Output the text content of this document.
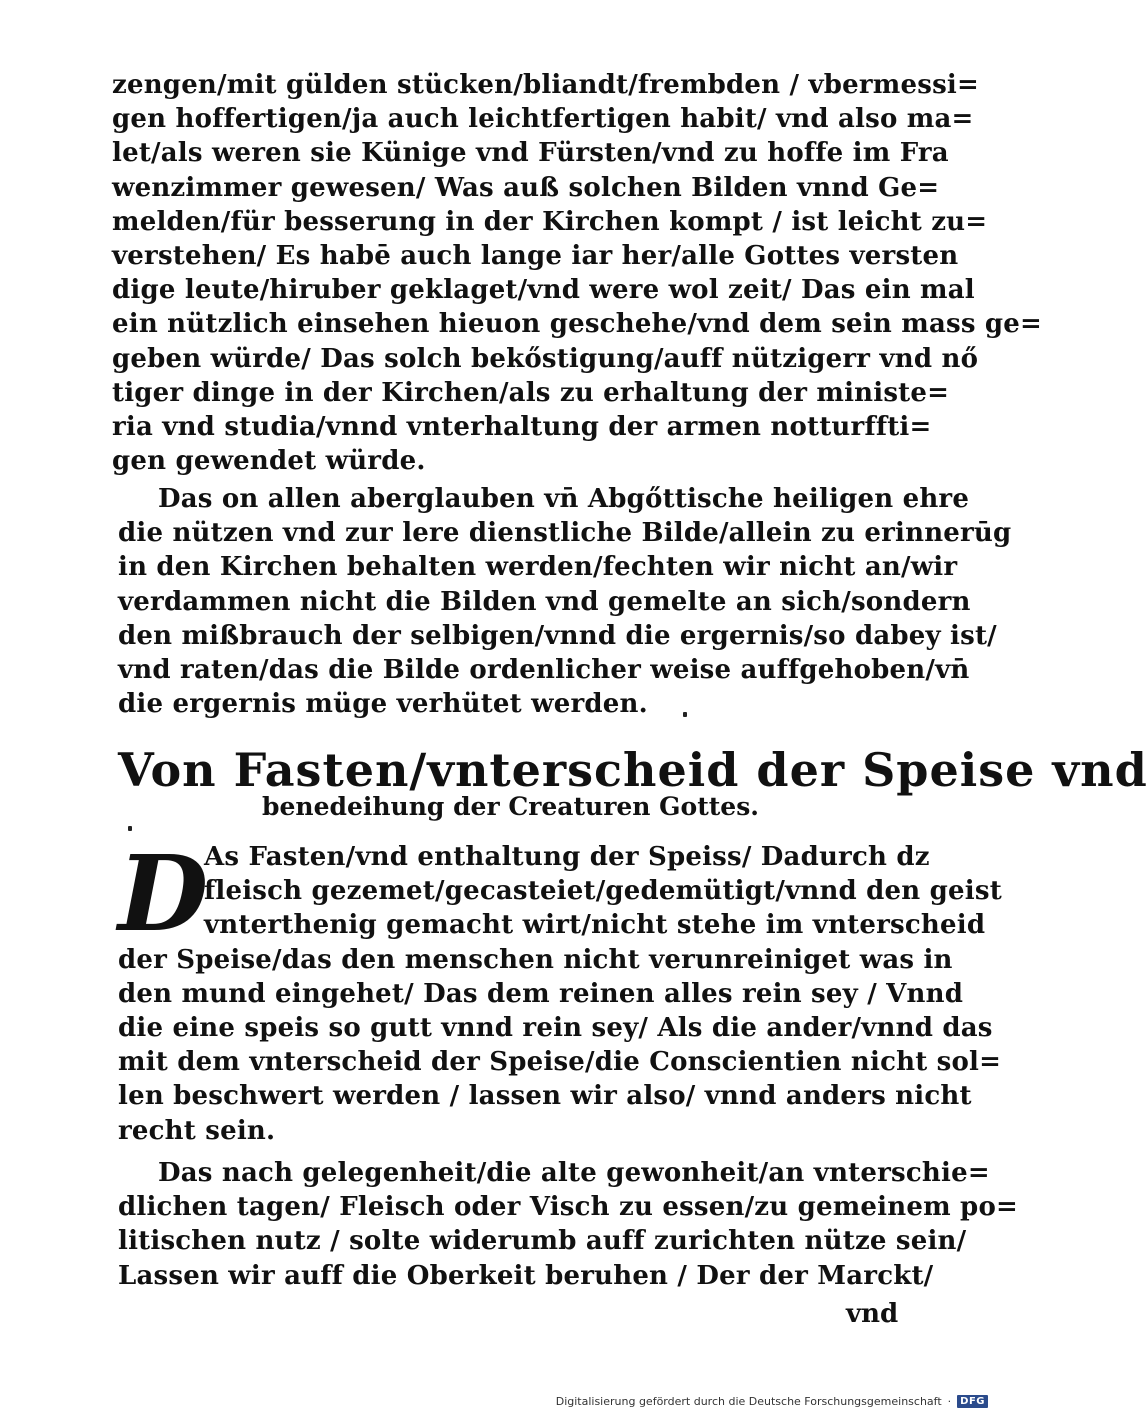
zengen/mit gülden stücken/bliandt/frembden / vbermessi=
gen hoffertigen/ja auch leichtfertigen habit/ vnd also ma=
let/als weren sie Künige vnd Fürsten/vnd zu hoffe im Fra
wenzimmer gewesen/ Was auß solchen Bilden vnnd Ge=
melden/für besserung in der Kirchen kompt / ist leicht zu=
verstehen/ Es habē auch lange iar her/alle Gottes versten
dige leute/hiruber geklaget/vnd were wol zeit/ Das ein mal
ein nützlich einsehen hieuon geschehe/vnd dem sein mass ge=
geben würde/ Das solch bekőstigung/auff nützigerr vnd nő
tiger dinge in der Kirchen/als zu erhaltung der ministe=
ria vnd studia/vnnd vnterhaltung der armen notturffti=
gen gewendet würde.
Das on allen aberglauben vn̄ Abgőttische heiligen ehre
die nützen vnd zur lere dienstliche Bilde/allein zu erinnerūg
in den Kirchen behalten werden/fechten wir nicht an/wir
verdammen nicht die Bilden vnd gemelte an sich/sondern
den mißbrauch der selbigen/vnnd die ergernis/so dabey ist/
vnd raten/das die Bilde ordenlicher weise auffgehoben/vn̄
die ergernis müge verhütet werden.
Von Fasten/vnterscheid der Speise vnd
benedeihung der Creaturen Gottes.
D
As Fasten/vnd enthaltung der Speiss/ Dadurch dz
fleisch gezemet/gecasteiet/gedemütigt/vnnd den geist
vnterthenig gemacht wirt/nicht stehe im vnterscheid
der Speise/das den menschen nicht verunreiniget was in
den mund eingehet/ Das dem reinen alles rein sey / Vnnd
die eine speis so gutt vnnd rein sey/ Als die ander/vnnd das
mit dem vnterscheid der Speise/die Conscientien nicht sol=
len beschwert werden / lassen wir also/ vnnd anders nicht
recht sein.
Das nach gelegenheit/die alte gewonheit/an vnterschie=
dlichen tagen/ Fleisch oder Visch zu essen/zu gemeinem po=
litischen nutz / solte widerumb auff zurichten nütze sein/
Lassen wir auff die Oberkeit beruhen / Der der Marckt/
vnd
Digitalisierung gefördert durch die Deutsche Forschungsgemeinschaft · DFG
